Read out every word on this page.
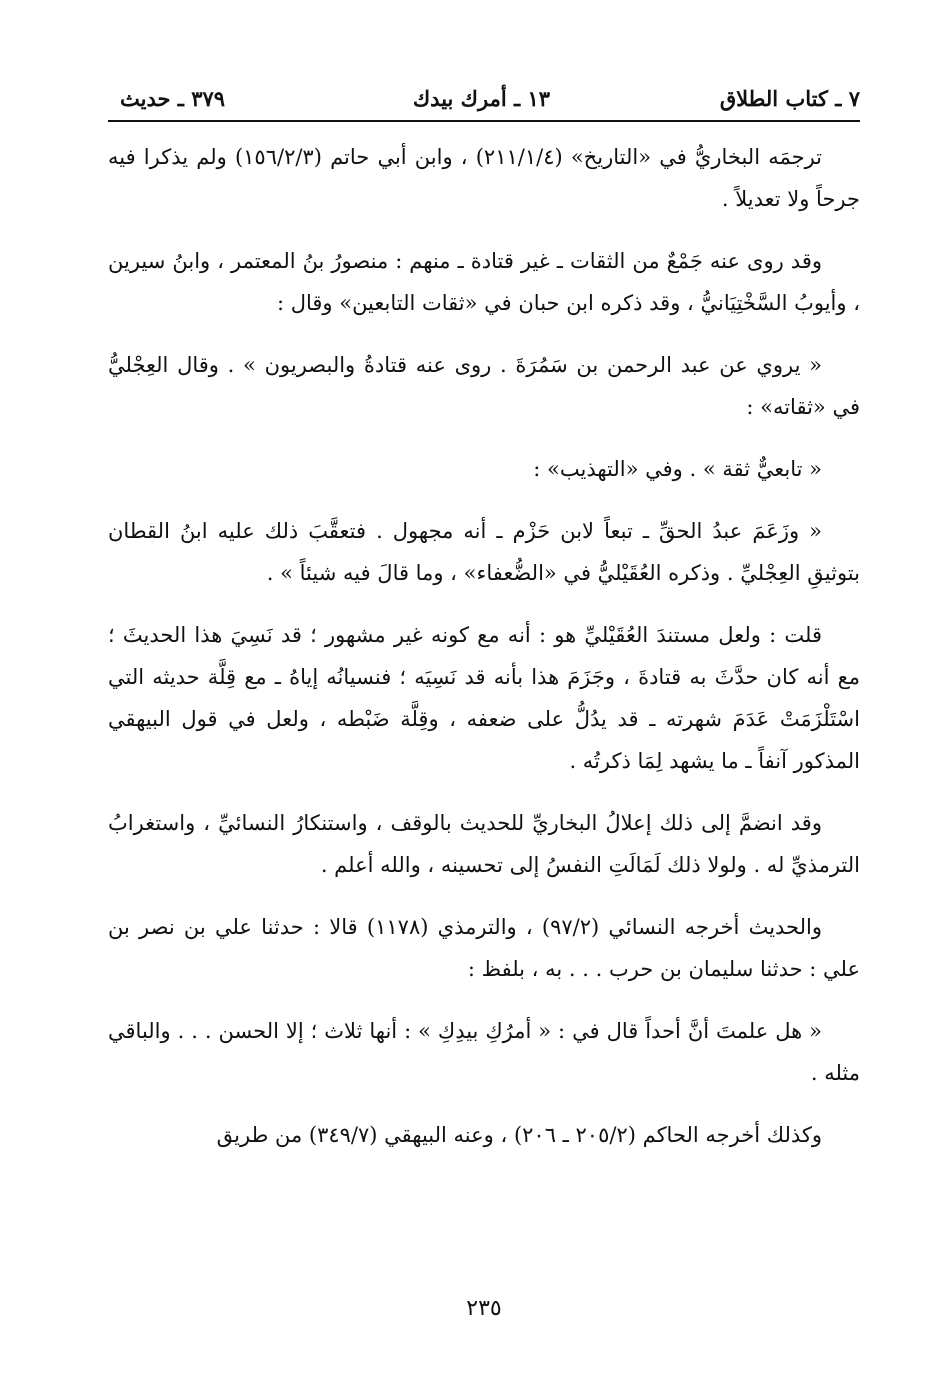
٧ ـ كتاب الطلاق
١٣ ـ أمرك بيدك
٣٧٩ ـ حديث

ترجمَه البخاريُّ في «التاريخ» (٢١١/١/٤) ، وابن أبي حاتم (١٥٦/٢/٣) ولم يذكرا فيه جرحاً ولا تعديلاً .

وقد روى عنه جَمْعٌ من الثقات ـ غير قتادة ـ منهم : منصورُ بنُ المعتمر ، وابنُ سيرين ، وأيوبُ السَّخْتِيَانيُّ ، وقد ذكره ابن حبان في «ثقات التابعين» وقال :

« يروي عن عبد الرحمن بن سَمُرَةَ . روى عنه قتادةُ والبصريون » . وقال العِجْليُّ في «ثقاته» :

« تابعيٌّ ثقة » . وفي «التهذيب» :

« وزَعَمَ عبدُ الحقِّ ـ تبعاً لابن حَزْم ـ أنه مجهول . فتعقَّبَ ذلك عليه ابنُ القطان بتوثيقِ العِجْليِّ . وذكره العُقَيْليُّ في «الضُّعفاء» ، وما قالَ فيه شيئاً » .

قلت : ولعل مستندَ العُقَيْليِّ هو : أنه مع كونه غير مشهور ؛ قد نَسِيَ هذا الحديثَ ؛ مع أنه كان حدَّثَ به قتادةَ ، وجَزَمَ هذا بأنه قد نَسِيَه ؛ فنسيانُه إياهُ ـ مع قِلَّة حديثه التي اسْتَلْزَمَتْ عَدَمَ شهرته ـ قد يدُلُّ على ضعفه ، وقِلَّة ضَبْطه ، ولعل في قول البيهقي المذكور آنفاً ـ ما يشهد لِمَا ذكرتُه .

وقد انضمَّ إلى ذلك إعلالُ البخاريِّ للحديث بالوقف ، واستنكارُ النسائيِّ ، واستغرابُ الترمذيِّ له . ولولا ذلك لَمَالَتِ النفسُ إلى تحسينه ، والله أعلم .

والحديث أخرجه النسائي (٩٧/٢) ، والترمذي (١١٧٨) قالا : حدثنا علي بن نصر بن علي : حدثنا سليمان بن حرب . . . به ، بلفظ :

« هل علمتَ أنَّ أحداً قال في : « أمرُكِ بيدِكِ » : أنها ثلاث ؛ إلا الحسن . . . والباقي مثله .

وكذلك أخرجه الحاكم (٢٠٥/٢ ـ ٢٠٦) ، وعنه البيهقي (٣٤٩/٧) من طريق

٢٣٥
